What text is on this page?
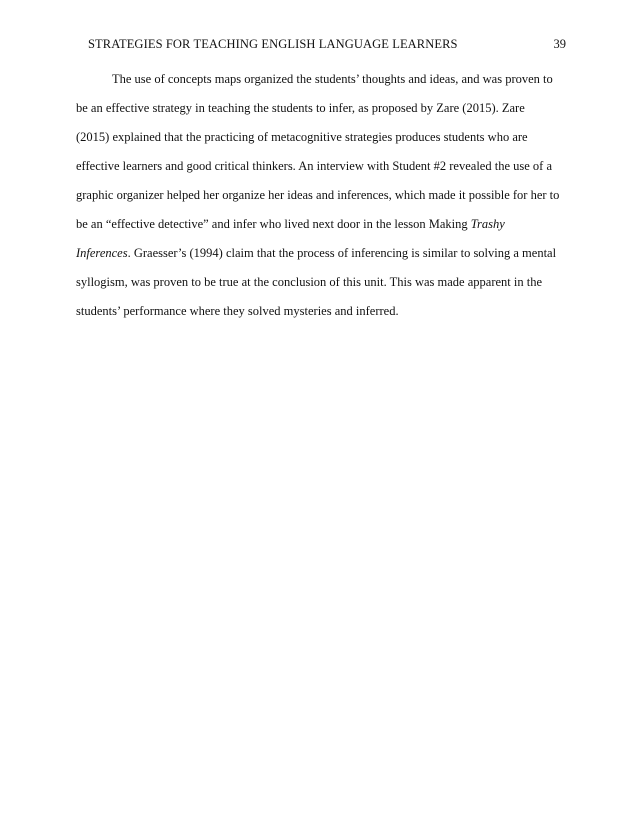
STRATEGIES FOR TEACHING ENGLISH LANGUAGE LEARNERS	39
The use of concepts maps organized the students’ thoughts and ideas, and was proven to
be an effective strategy in teaching the students to infer, as proposed by Zare (2015). Zare
(2015) explained that the practicing of metacognitive strategies produces students who are
effective learners and good critical thinkers. An interview with Student #2 revealed the use of a
graphic organizer helped her organize her ideas and inferences, which made it possible for her to
be an “effective detective” and infer who lived next door in the lesson Making Trashy
Inferences. Graesser’s (1994) claim that the process of inferencing is similar to solving a mental
syllogism, was proven to be true at the conclusion of this unit. This was made apparent in the
students’ performance where they solved mysteries and inferred.
